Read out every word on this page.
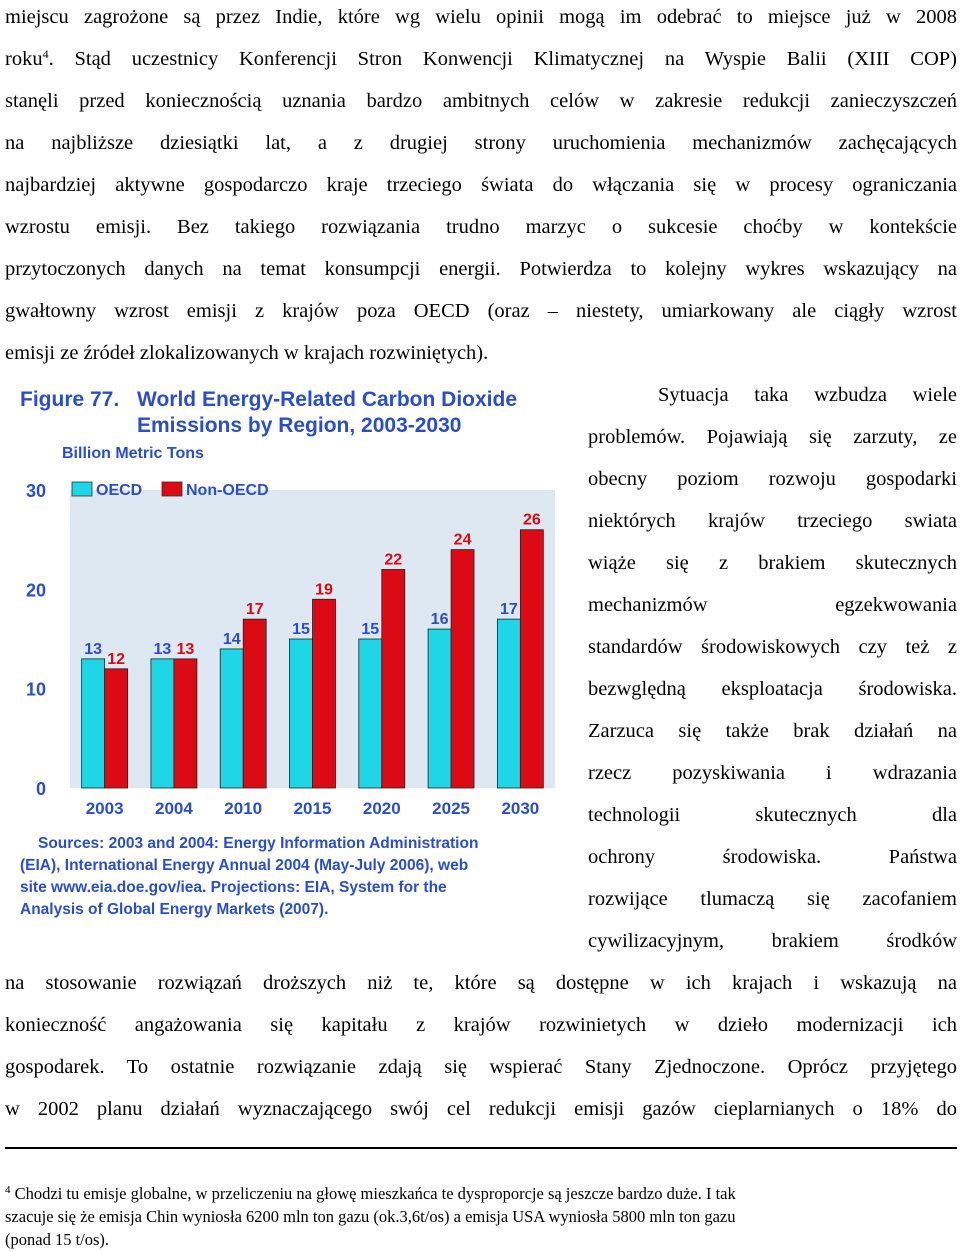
miejscu zagrożone są przez Indie, które wg wielu opinii mogą im odebrać to miejsce już w 2008
roku$^4$. Stąd uczestnicy Konferencji Stron Konwencji Klimatycznej na Wyspie Balii (XIII COP)
stanęli przed koniecznością uznania bardzo ambitnych celów w zakresie redukcji zanieczyszczeń
na najbliższe dziesiątki lat, a z drugiej strony uruchomienia mechanizmów zachęcających
najbardziej aktywne gospodarczo kraje trzeciego świata do włączania się w procesy ograniczania
wzrostu emisji. Bez takiego rozwiązania trudno marzyc o sukcesie choćby w kontekście
przytoczonych danych na temat konsumpcji energii. Potwierdza to kolejny wykres wskazujący na
gwałtowny wzrost emisji z krajów poza OECD (oraz – niestety, umiarkowany ale ciągły wzrost
emisji ze źródeł zlokalizowanych w krajach rozwiniętych).
Sytuacja taka wzbudza wiele
problemów. Pojawiają się zarzuty, ze
obecny poziom rozwoju gospodarki
niektórych krajów trzeciego swiata
wiąże się z brakiem skutecznych
mechanizmów egzekwowania
standardów środowiskowych czy też z
bezwględną eksploatacja środowiska.
Zarzuca się także brak działań na
rzecz pozyskiwania i wdrazania
technologii skutecznych dla
ochrony środowiska. Państwa
rozwijące tlumaczą się zacofaniem
cywilizacyjnym, brakiem środków
na stosowanie rozwiązań droższych niż te, które są dostępne w ich krajach i wskazują na
konieczność angażowania się kapitału z krajów rozwinietych w dzieło modernizacji ich
gospodarek. To ostatnie rozwiązanie zdają się wspierać Stany Zjednoczone. Oprócz przyjętego
w 2002 planu działań wyznaczającego swój cel redukcji emisji gazów cieplarnianych o 18% do
$^4$ Chodzi tu emisje globalne, w przeliczeniu na głowę mieszkańca te dysproporcje są jeszcze bardzo duże. I tak
szacuje się że emisja Chin wyniosła 6200 mln ton gazu (ok.3,6t/os) a emisja USA wyniosła 5800 mln ton gazu
(ponad 15 t/os).
Figure 77. World Energy-Related Carbon Dioxide
Emissions by Region, 2003-2030
Billion Metric Tons
0
10
20
30	OECD	Non-OECD
13
12
2003
13 13
2004
14
17
2010
15
19
2015
15
22
2020
16
24
2025
17
26
2030
Sources: 2003 and 2004: Energy Information Administration
(EIA), International Energy Annual 2004 (May-July 2006), web
site www.eia.doe.gov/iea. Projections: EIA, System for the
Analysis of Global Energy Markets (2007).
